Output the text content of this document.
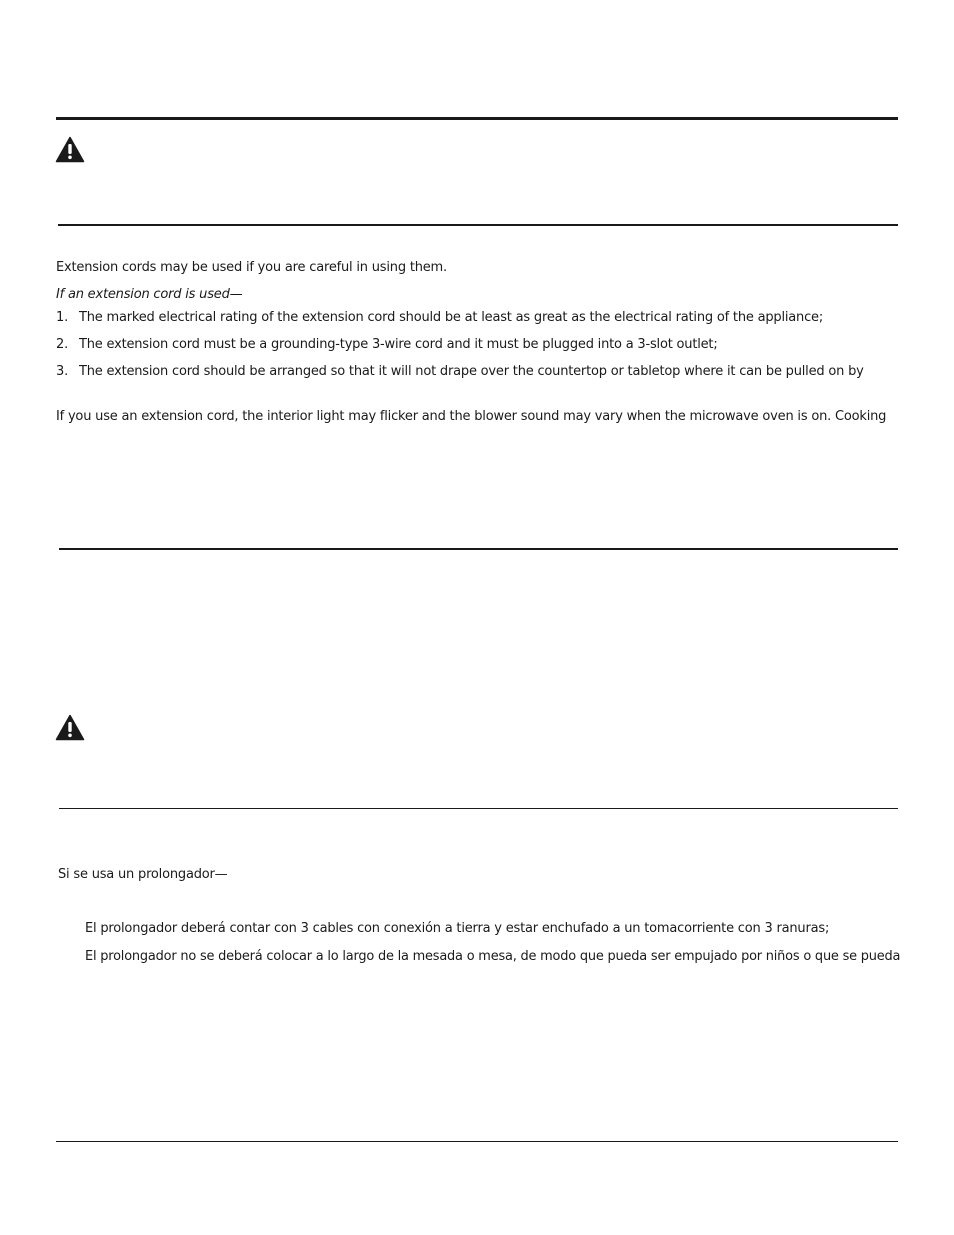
Extension cords may be used if you are careful in using them.
If an extension cord is used—
1. The marked electrical rating of the extension cord should be at least as great as the electrical rating of the appliance;
2. The extension cord must be a grounding-type 3-wire cord and it must be plugged into a 3-slot outlet;
3. The extension cord should be arranged so that it will not drape over the countertop or tabletop where it can be pulled on by
If you use an extension cord, the interior light may flicker and the blower sound may vary when the microwave oven is on. Cooking
Si se usa un prolongador—
El prolongador deberá contar con 3 cables con conexión a tierra y estar enchufado a un tomacorriente con 3 ranuras;
El prolongador no se deberá colocar a lo largo de la mesada o mesa, de modo que pueda ser empujado por niños o que se pueda
